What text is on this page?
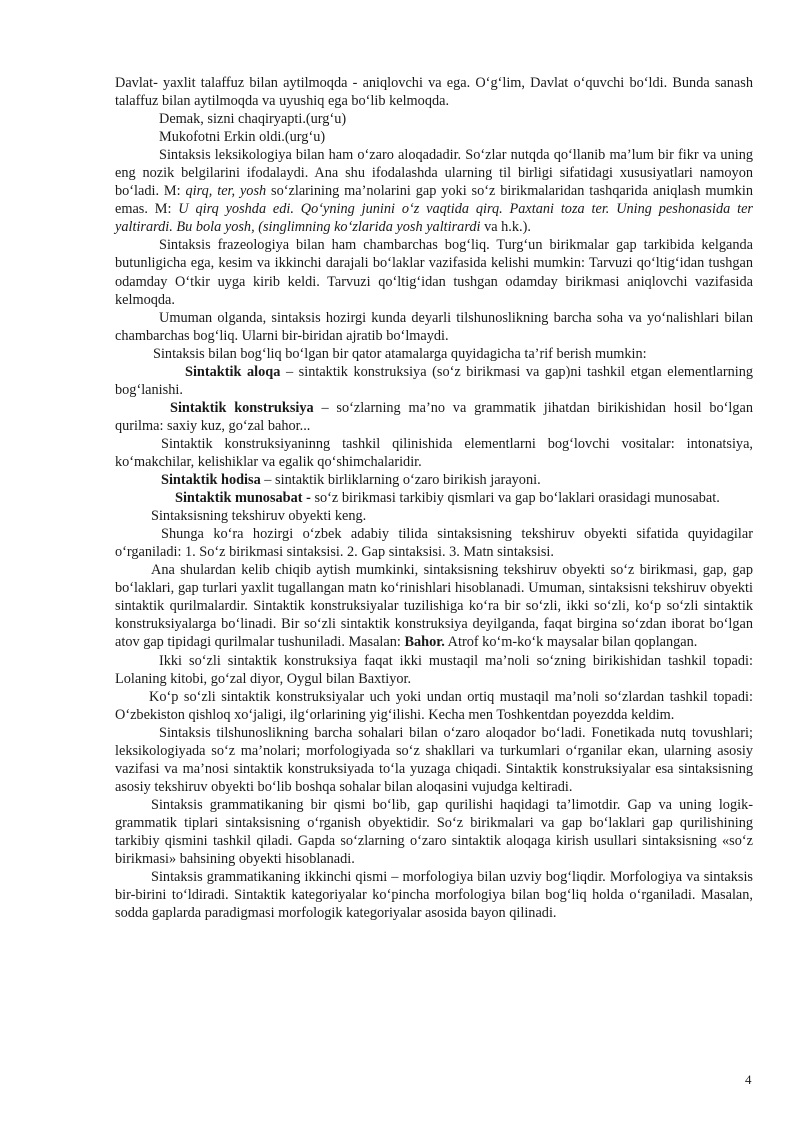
Davlat- yaxlit talaffuz bilan aytilmoqda - aniqlovchi va ega. O‘g‘lim, Davlat o‘quvchi bo‘ldi. Bunda sanash talaffuz bilan aytilmoqda va uyushiq ega bo‘lib kelmoqda.

Demak, sizni chaqiryapti.(urg‘u)

Mukofotni Erkin oldi.(urg‘u)

Sintaksis leksikologiya bilan ham o‘zaro aloqadadir. So‘zlar nutqda qo‘llanib ma’lum bir fikr va uning eng nozik belgilarini ifodalaydi. Ana shu ifodalashda ularning til birligi sifatidagi xususiyatlari namoyon bo‘ladi. M: qirq, ter, yosh so‘zlarining ma’nolarini gap yoki so‘z birikmalaridan tashqarida aniqlash mumkin emas. M: U qirq yoshda edi. Qo‘yning junini o‘z vaqtida qirq. Paxtani toza ter. Uning peshonasida ter yaltirardi. Bu bola yosh, (singlimning ko‘zlarida yosh yaltirardi va h.k.).

Sintaksis frazeologiya bilan ham chambarchas bog‘liq. Turg‘un birikmalar gap tarkibida kelganda butunligicha ega, kesim va ikkinchi darajali bo‘laklar vazifasida kelishi mumkin: Tarvuzi qo‘ltig‘idan tushgan odamday O‘tkir uyga kirib keldi. Tarvuzi qo‘ltig‘idan tushgan odamday birikmasi aniqlovchi vazifasida kelmoqda.

Umuman olganda, sintaksis hozirgi kunda deyarli tilshunoslikning barcha soha va yo‘nalishlari bilan chambarchas bog‘liq. Ularni bir-biridan ajratib bo‘lmaydi.

Sintaksis bilan bog‘liq bo‘lgan bir qator atamalarga quyidagicha ta’rif berish mumkin:

Sintaktik aloqa – sintaktik konstruksiya (so‘z birikmasi va gap)ni tashkil etgan elementlarning bog‘lanishi.

Sintaktik konstruksiya – so‘zlarning ma’no va grammatik jihatdan birikishidan hosil bo‘lgan qurilma: saxiy kuz, go‘zal bahor...

Sintaktik konstruksiyaninng tashkil qilinishida elementlarni bog‘lovchi vositalar: intonatsiya, ko‘makchilar, kelishiklar va egalik qo‘shimchalaridir.

Sintaktik hodisa – sintaktik birliklarning o‘zaro birikish jarayoni.

Sintaktik munosabat - so‘z birikmasi tarkibiy qismlari va gap bo‘laklari orasidagi munosabat.

Sintaksisning tekshiruv obyekti keng.

Shunga ko‘ra hozirgi o‘zbek adabiy tilida sintaksisning tekshiruv obyekti sifatida quyidagilar o‘rganiladi: 1. So‘z birikmasi sintaksisi. 2. Gap sintaksisi. 3. Matn sintaksisi.

Ana shulardan kelib chiqib aytish mumkinki, sintaksisning tekshiruv obyekti so‘z birikmasi, gap, gap bo‘laklari, gap turlari yaxlit tugallangan matn ko‘rinishlari hisoblanadi. Umuman, sintaksisni tekshiruv obyekti sintaktik qurilmalardir. Sintaktik konstruksiyalar tuzilishiga ko‘ra bir so‘zli, ikki so‘zli, ko‘p so‘zli sintaktik konstruksiyalarga bo‘linadi. Bir so‘zli sintaktik konstruksiya deyilganda, faqat birgina so‘zdan iborat bo‘lgan atov gap tipidagi qurilmalar tushuniladi. Masalan: Bahor. Atrof ko‘m-ko‘k maysalar bilan qoplangan.

Ikki so‘zli sintaktik konstruksiya faqat ikki mustaqil ma’noli so‘zning birikishidan tashkil topadi: Lolaning kitobi, go‘zal diyor, Oygul bilan Baxtiyor.

Ko‘p so‘zli sintaktik konstruksiyalar uch yoki undan ortiq mustaqil ma’noli so‘zlardan tashkil topadi: O‘zbekiston qishloq xo‘jaligi, ilg‘orlarining yig‘ilishi. Kecha men Toshkentdan poyezdda keldim.

Sintaksis tilshunoslikning barcha sohalari bilan o‘zaro aloqador bo‘ladi. Fonetikada nutq tovushlari; leksikologiyada so‘z ma’nolari; morfologiyada so‘z shakllari va turkumlari o‘rganilar ekan, ularning asosiy vazifasi va ma’nosi sintaktik konstruksiyada to‘la yuzaga chiqadi. Sintaktik konstruksiyalar esa sintaksisning asosiy tekshiruv obyekti bo‘lib boshqa sohalar bilan aloqasini vujudga keltiradi.

Sintaksis grammatikaning bir qismi bo‘lib, gap qurilishi haqidagi ta’limotdir. Gap va uning logik-grammatik tiplari sintaksisning o‘rganish obyektidir. So‘z birikmalari va gap bo‘laklari gap qurilishining tarkibiy qismini tashkil qiladi. Gapda so‘zlarning o‘zaro sintaktik aloqaga kirish usullari sintaksisning «so‘z birikmasi» bahsining obyekti hisoblanadi.

Sintaksis grammatikaning ikkinchi qismi – morfologiya bilan uzviy bog‘liqdir. Morfologiya va sintaksis bir-birini to‘ldiradi. Sintaktik kategoriyalar ko‘pincha morfologiya bilan bog‘liq holda o‘rganiladi. Masalan, sodda gaplarda paradigmasi morfologik kategoriyalar asosida bayon qilinadi.

4
